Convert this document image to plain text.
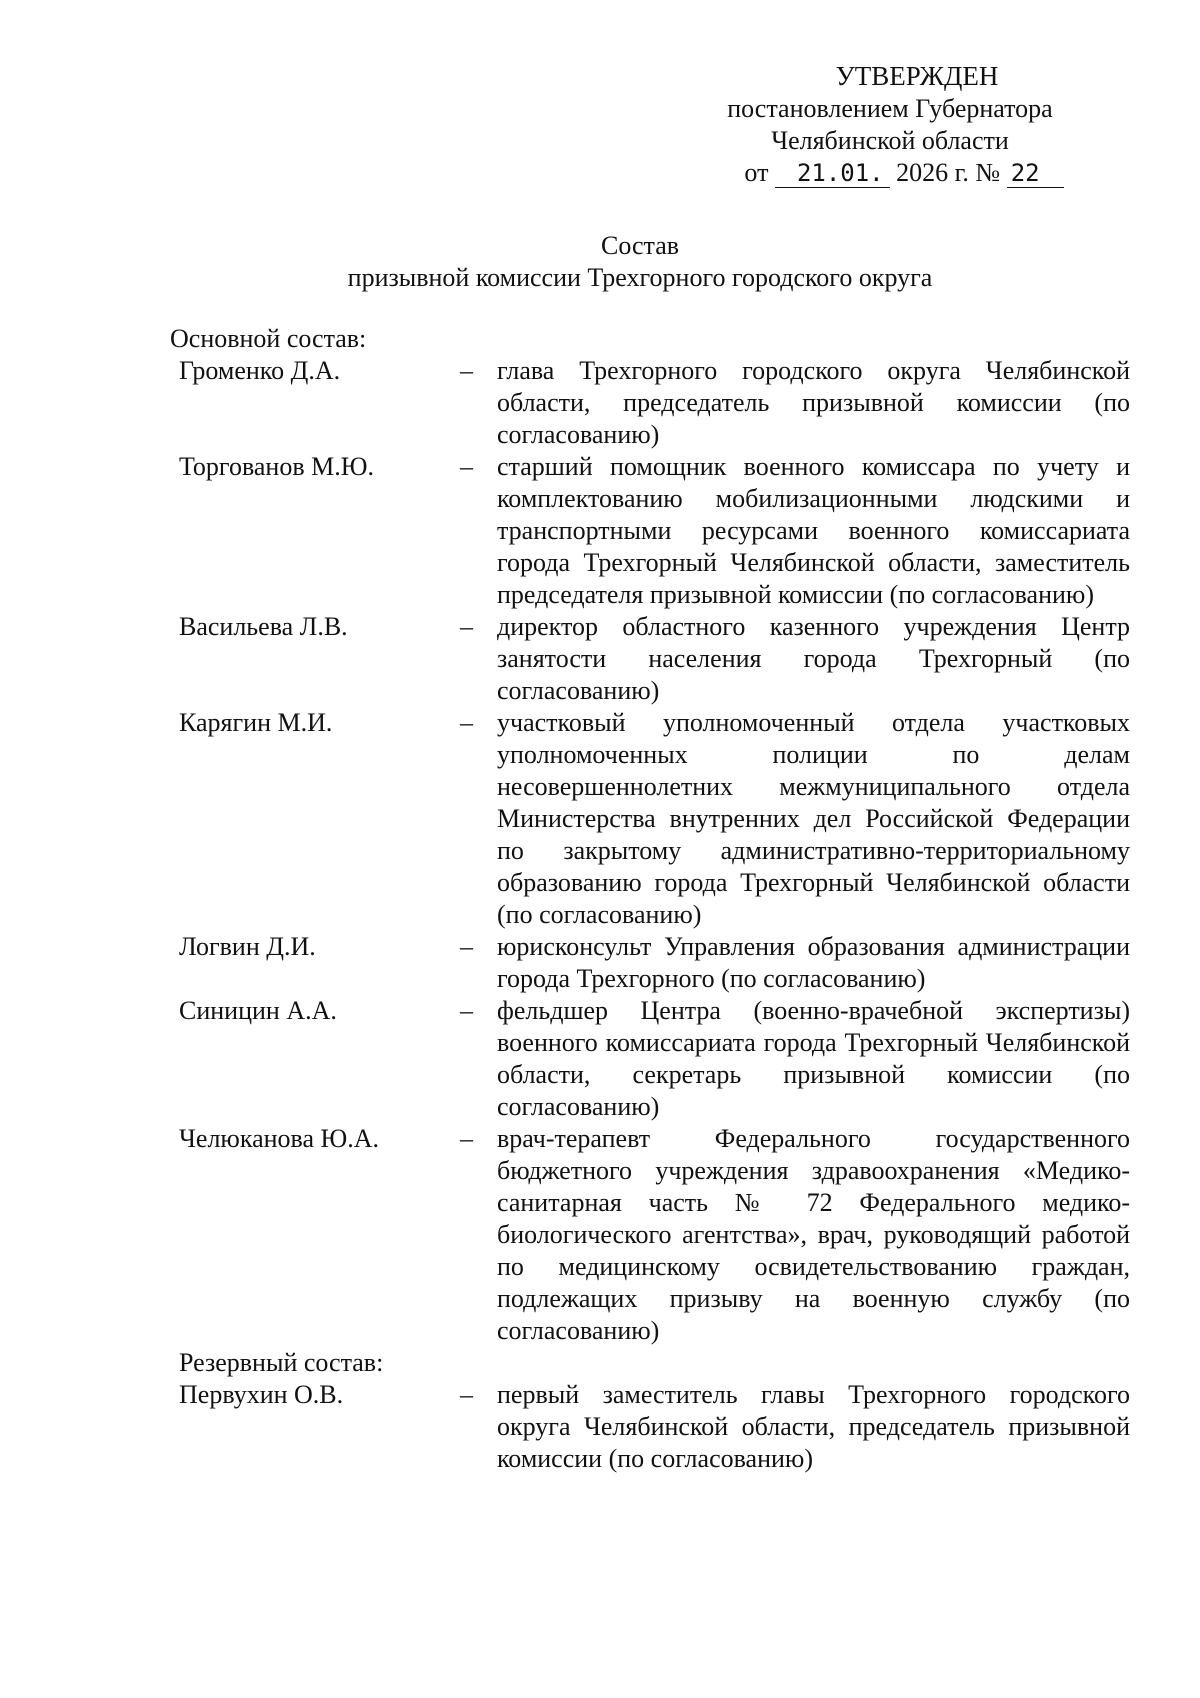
УТВЕРЖДЕН
постановлением Губернатора
Челябинской области
от 21.01. 2026 г. № 22
Состав
призывной комиссии Трехгорного городского округа
Основной состав:
Громенко Д.А.	– глава Трехгорного городского округа Челябинской области, председатель призывной комиссии (по согласованию)
Торгованов М.Ю.	– старший помощник военного комиссара по учету и комплектованию мобилизационными людскими и транспортными ресурсами военного комиссариата города Трехгорный Челябинской области, заместитель председателя призывной комиссии (по согласованию)
Васильева Л.В.	– директор областного казенного учреждения Центр занятости населения города Трехгорный (по согласованию)
Карягин М.И.	– участковый уполномоченный отдела участковых уполномоченных полиции по делам несовершеннолетних межмуниципального отдела Министерства внутренних дел Российской Федерации по закрытому административно-территориальному образованию города Трехгорный Челябинской области (по согласованию)
Логвин Д.И.	– юрисконсульт Управления образования администрации города Трехгорного (по согласованию)
Синицин А.А.	– фельдшер Центра (военно-врачебной экспертизы) военного комиссариата города Трехгорный Челябинской области, секретарь призывной комиссии (по согласованию)
Челюканова Ю.А.	– врач-терапевт Федерального государственного бюджетного учреждения здравоохранения «Медико-санитарная часть № 72 Федерального медико-биологического агентства», врач, руководящий работой по медицинскому освидетельствованию граждан, подлежащих призыву на военную службу (по согласованию)
Резервный состав:
Первухин О.В.	– первый заместитель главы Трехгорного городского округа Челябинской области, председатель призывной комиссии (по согласованию)
